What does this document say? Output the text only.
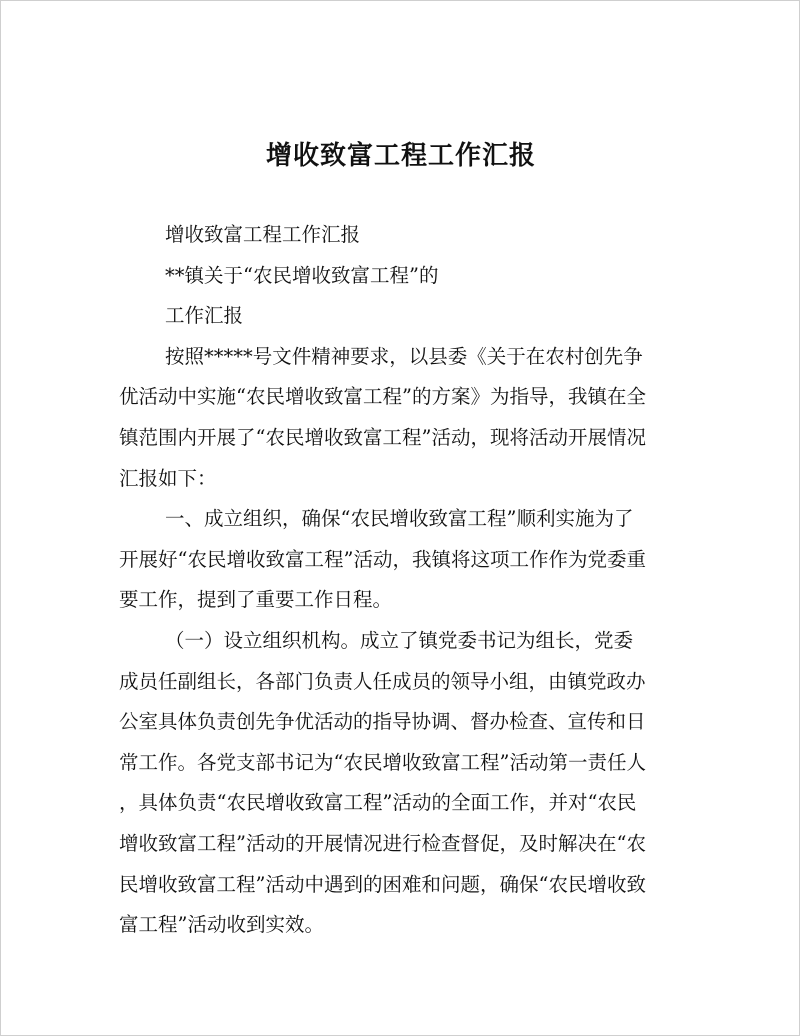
增收致富工程工作汇报

增收致富工程工作汇报

**镇关于“农民增收致富工程”的

工作汇报

按照*****号文件精神要求，以县委《关于在农村创先争

优活动中实施“农民增收致富工程”的方案》为指导，我镇在全

镇范围内开展了“农民增收致富工程”活动，现将活动开展情况

汇报如下：

一、成立组织，确保“农民增收致富工程”顺利实施为了

开展好“农民增收致富工程”活动，我镇将这项工作作为党委重

要工作，提到了重要工作日程。

（一）设立组织机构。成立了镇党委书记为组长，党委

成员任副组长，各部门负责人任成员的领导小组，由镇党政办

公室具体负责创先争优活动的指导协调、督办检查、宣传和日

常工作。各党支部书记为“农民增收致富工程”活动第一责任人

，具体负责“农民增收致富工程”活动的全面工作，并对“农民

增收致富工程”活动的开展情况进行检查督促，及时解决在“农

民增收致富工程”活动中遇到的困难和问题，确保“农民增收致

富工程”活动收到实效。
